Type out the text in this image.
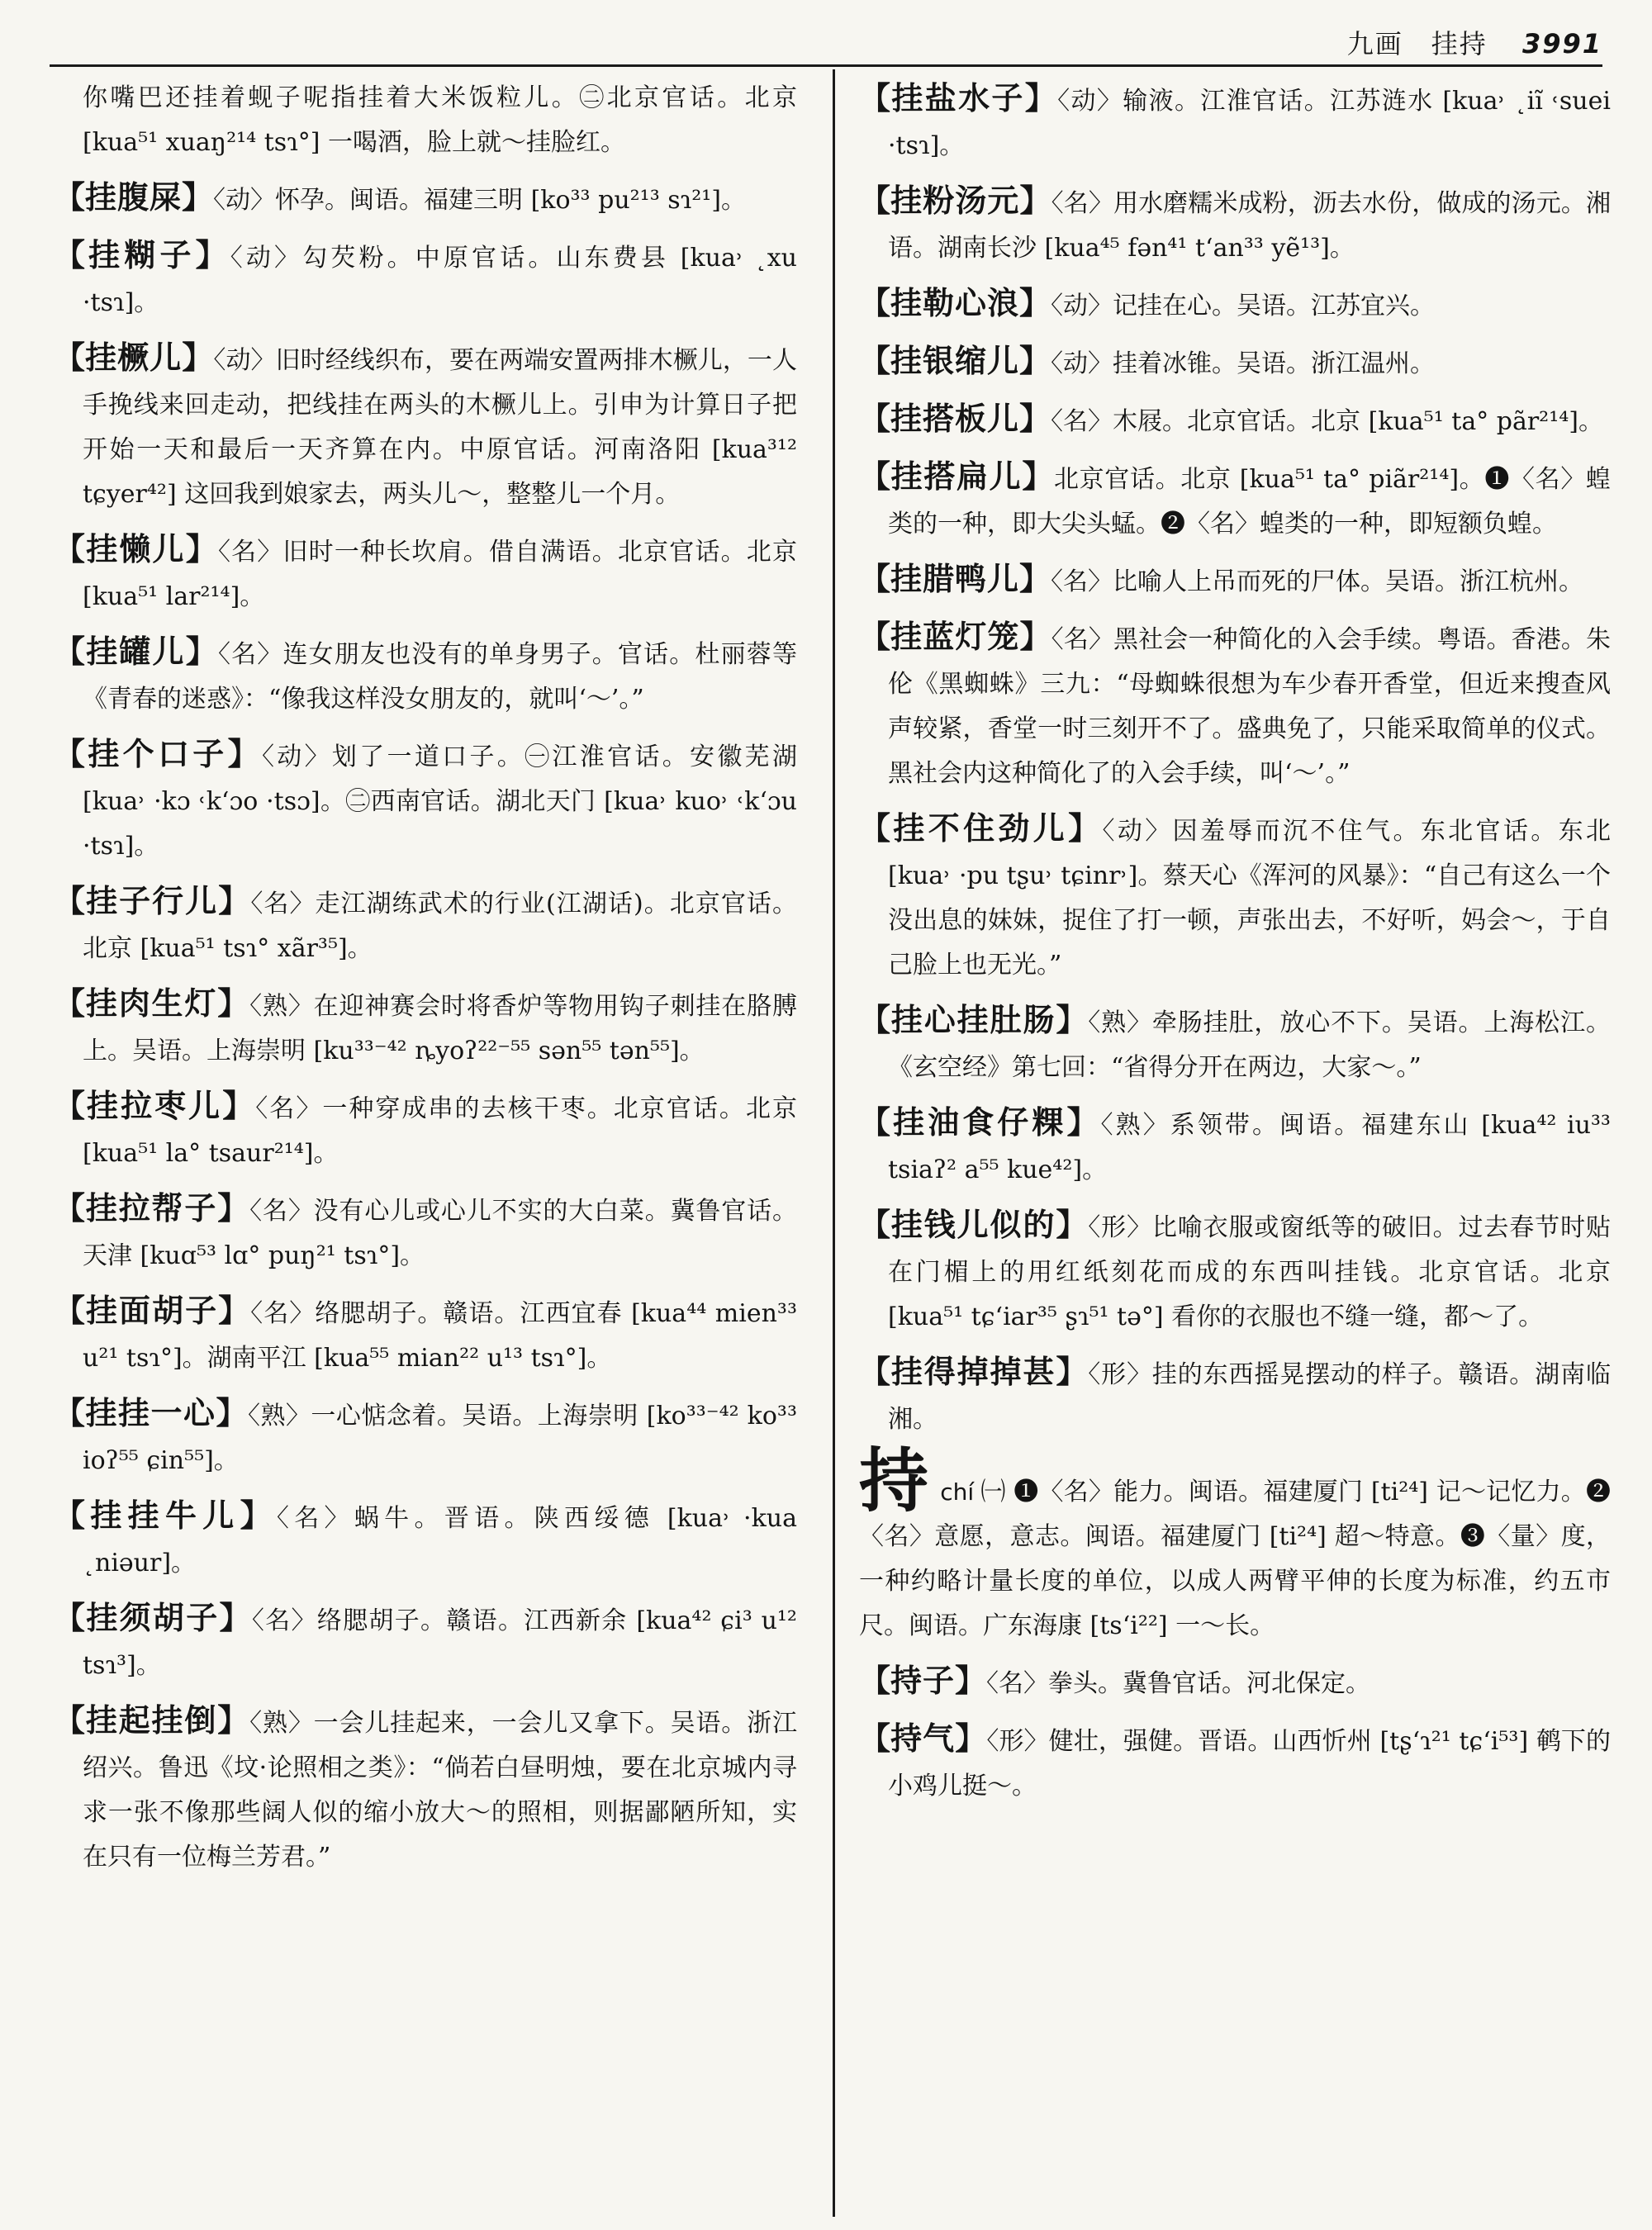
九画　挂持 3991

你嘴巴还挂着蚬子呢指挂着大米饭粒儿。㊁北京官话。北京 [kua⁵¹ xuaŋ²¹⁴ tsɿ°] 一喝酒，脸上就～挂脸红。

【挂腹屎】〈动〉怀孕。闽语。福建三明 [ko³³ pu²¹³ sɿ²¹]。

【挂糊子】〈动〉勾芡粉。中原官话。山东费县 [kua˒ ˛xu ·tsɿ]。

【挂橛儿】〈动〉旧时经线织布，要在两端安置两排木橛儿，一人手挽线来回走动，把线挂在两头的木橛儿上。引申为计算日子把开始一天和最后一天齐算在内。中原官话。河南洛阳 [kua³¹² tɕyer⁴²] 这回我到娘家去，两头儿～，整整儿一个月。

【挂懒儿】〈名〉旧时一种长坎肩。借自满语。北京官话。北京 [kua⁵¹ lar²¹⁴]。

【挂罐儿】〈名〉连女朋友也没有的单身男子。官话。杜丽蓉等《青春的迷惑》：“像我这样没女朋友的，就叫‘～’。”

【挂个口子】〈动〉划了一道口子。㊀江淮官话。安徽芜湖 [kua˒ ·kɔ ˓k‘ɔo ·tsɔ]。㊁西南官话。湖北天门 [kua˒ kuo˒ ˓k‘ɔu ·tsɿ]。

【挂子行儿】〈名〉走江湖练武术的行业(江湖话)。北京官话。北京 [kua⁵¹ tsɿ° xãr³⁵]。

【挂肉生灯】〈熟〉在迎神赛会时将香炉等物用钩子刺挂在胳膊上。吴语。上海崇明 [ku³³⁻⁴² ȵyoʔ²²⁻⁵⁵ sən⁵⁵ tən⁵⁵]。

【挂拉枣儿】〈名〉一种穿成串的去核干枣。北京官话。北京 [kua⁵¹ la° tsaur²¹⁴]。

【挂拉帮子】〈名〉没有心儿或心儿不实的大白菜。冀鲁官话。天津 [kuɑ⁵³ lɑ° puŋ²¹ tsɿ°]。

【挂面胡子】〈名〉络腮胡子。赣语。江西宜春 [kua⁴⁴ mien³³ u²¹ tsɿ°]。湖南平江 [kua⁵⁵ mian²² u¹³ tsɿ°]。

【挂挂一心】〈熟〉一心惦念着。吴语。上海崇明 [ko³³⁻⁴² ko³³ ioʔ⁵⁵ ɕin⁵⁵]。

【挂挂牛儿】〈名〉蜗牛。晋语。陕西绥德 [kua˒ ·kua ˛niəur]。

【挂须胡子】〈名〉络腮胡子。赣语。江西新余 [kua⁴² ɕi³ u¹² tsɿ³]。

【挂起挂倒】〈熟〉一会儿挂起来，一会儿又拿下。吴语。浙江绍兴。鲁迅《坟·论照相之类》：“倘若白昼明烛，要在北京城内寻求一张不像那些阔人似的缩小放大～的照相，则据鄙陋所知，实在只有一位梅兰芳君。”

【挂盐水子】〈动〉输液。江淮官话。江苏涟水 [kua˒ ˛iĩ ˓suei ·tsɿ]。

【挂粉汤元】〈名〉用水磨糯米成粉，沥去水份，做成的汤元。湘语。湖南长沙 [kua⁴⁵ fən⁴¹ t‘an³³ yẽ¹³]。

【挂勒心浪】〈动〉记挂在心。吴语。江苏宜兴。

【挂银缩儿】〈动〉挂着冰锥。吴语。浙江温州。

【挂搭板儿】〈名〉木屐。北京官话。北京 [kua⁵¹ ta° pãr²¹⁴]。

【挂搭扁儿】北京官话。北京 [kua⁵¹ ta° piãr²¹⁴]。❶〈名〉蝗类的一种，即大尖头蜢。❷〈名〉蝗类的一种，即短额负蝗。

【挂腊鸭儿】〈名〉比喻人上吊而死的尸体。吴语。浙江杭州。

【挂蓝灯笼】〈名〉黑社会一种简化的入会手续。粤语。香港。朱伦《黑蜘蛛》三九：“母蜘蛛很想为车少春开香堂，但近来搜查风声较紧，香堂一时三刻开不了。盛典免了，只能采取简单的仪式。黑社会内这种简化了的入会手续，叫‘～’。”

【挂不住劲儿】〈动〉因羞辱而沉不住气。东北官话。东北 [kua˒ ·pu tʂu˒ tɕinr˒]。蔡天心《浑河的风暴》：“自己有这么一个没出息的妹妹，捉住了打一顿，声张出去，不好听，妈会～，于自己脸上也无光。”

【挂心挂肚肠】〈熟〉牵肠挂肚，放心不下。吴语。上海松江。《玄空经》第七回：“省得分开在两边，大家～。”

【挂油食仔粿】〈熟〉系领带。闽语。福建东山 [kua⁴² iu³³ tsiaʔ² a⁵⁵ kue⁴²]。

【挂钱儿似的】〈形〉比喻衣服或窗纸等的破旧。过去春节时贴在门楣上的用红纸刻花而成的东西叫挂钱。北京官话。北京 [kua⁵¹ tɕ‘iar³⁵ ʂɿ⁵¹ tə°] 看你的衣服也不缝一缝，都～了。

【挂得掉掉甚】〈形〉挂的东西摇晃摆动的样子。赣语。湖南临湘。

持chí ㈠ ❶〈名〉能力。闽语。福建厦门 [ti²⁴] 记～记忆力。❷〈名〉意愿，意志。闽语。福建厦门 [ti²⁴] 超～特意。❸〈量〉度，一种约略计量长度的单位，以成人两臂平伸的长度为标准，约五市尺。闽语。广东海康 [ts‘i²²] 一～长。

【持子】〈名〉拳头。冀鲁官话。河北保定。

【持气】〈形〉健壮，强健。晋语。山西忻州 [tʂ‘ɿ²¹ tɕ‘i⁵³] 鹌下的小鸡儿挺～。
